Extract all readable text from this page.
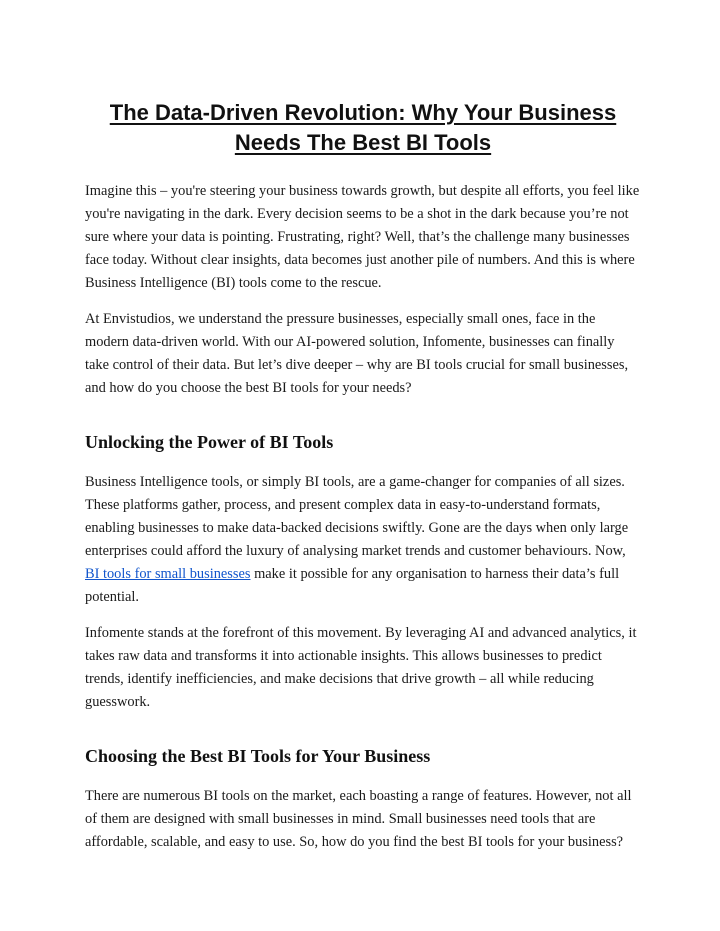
The Data-Driven Revolution: Why Your Business Needs The Best BI Tools

Imagine this – you're steering your business towards growth, but despite all efforts, you feel like you're navigating in the dark. Every decision seems to be a shot in the dark because you’re not sure where your data is pointing. Frustrating, right? Well, that’s the challenge many businesses face today. Without clear insights, data becomes just another pile of numbers. And this is where Business Intelligence (BI) tools come to the rescue.

At Envistudios, we understand the pressure businesses, especially small ones, face in the modern data-driven world. With our AI-powered solution, Infomente, businesses can finally take control of their data. But let’s dive deeper – why are BI tools crucial for small businesses, and how do you choose the best BI tools for your needs?

Unlocking the Power of BI Tools

Business Intelligence tools, or simply BI tools, are a game-changer for companies of all sizes. These platforms gather, process, and present complex data in easy-to-understand formats, enabling businesses to make data-backed decisions swiftly. Gone are the days when only large enterprises could afford the luxury of analysing market trends and customer behaviours. Now, BI tools for small businesses make it possible for any organisation to harness their data’s full potential.

Infomente stands at the forefront of this movement. By leveraging AI and advanced analytics, it takes raw data and transforms it into actionable insights. This allows businesses to predict trends, identify inefficiencies, and make decisions that drive growth – all while reducing guesswork.

Choosing the Best BI Tools for Your Business

There are numerous BI tools on the market, each boasting a range of features. However, not all of them are designed with small businesses in mind. Small businesses need tools that are affordable, scalable, and easy to use. So, how do you find the best BI tools for your business?
